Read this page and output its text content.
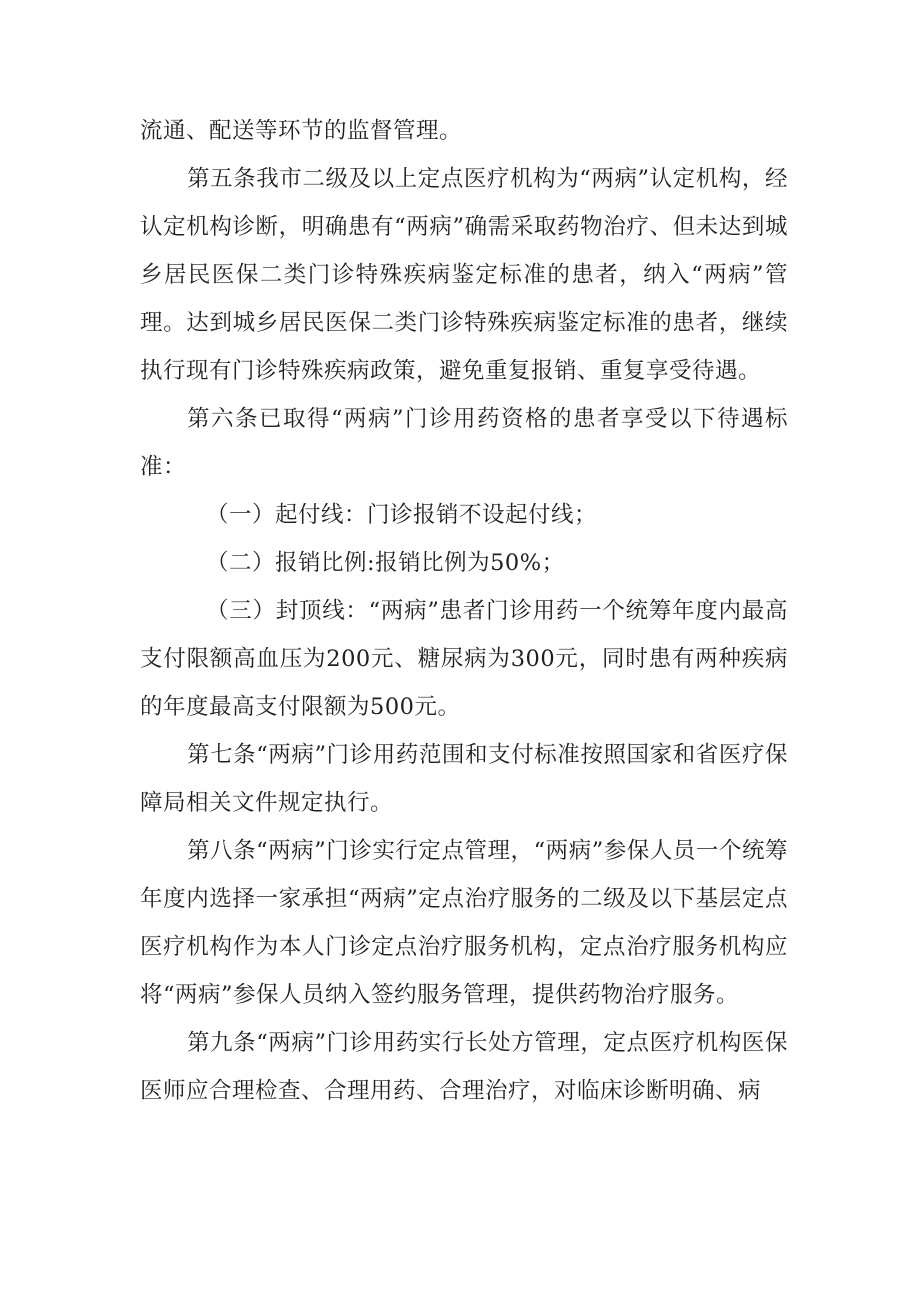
流通、配送等环节的监督管理。

第五条我市二级及以上定点医疗机构为“两病”认定机构，经认定机构诊断，明确患有“两病”确需采取药物治疗、但未达到城乡居民医保二类门诊特殊疾病鉴定标准的患者，纳入“两病”管理。达到城乡居民医保二类门诊特殊疾病鉴定标准的患者，继续执行现有门诊特殊疾病政策，避免重复报销、重复享受待遇。

第六条已取得“两病”门诊用药资格的患者享受以下待遇标准：

（一）起付线：门诊报销不设起付线；

（二）报销比例:报销比例为50%；

（三）封顶线：“两病”患者门诊用药一个统筹年度内最高支付限额高血压为200元、糖尿病为300元，同时患有两种疾病的年度最高支付限额为500元。

第七条“两病”门诊用药范围和支付标准按照国家和省医疗保障局相关文件规定执行。

第八条“两病”门诊实行定点管理，“两病”参保人员一个统筹年度内选择一家承担“两病”定点治疗服务的二级及以下基层定点医疗机构作为本人门诊定点治疗服务机构，定点治疗服务机构应将“两病”参保人员纳入签约服务管理，提供药物治疗服务。

第九条“两病”门诊用药实行长处方管理，定点医疗机构医保医师应合理检查、合理用药、合理治疗，对临床诊断明确、病
